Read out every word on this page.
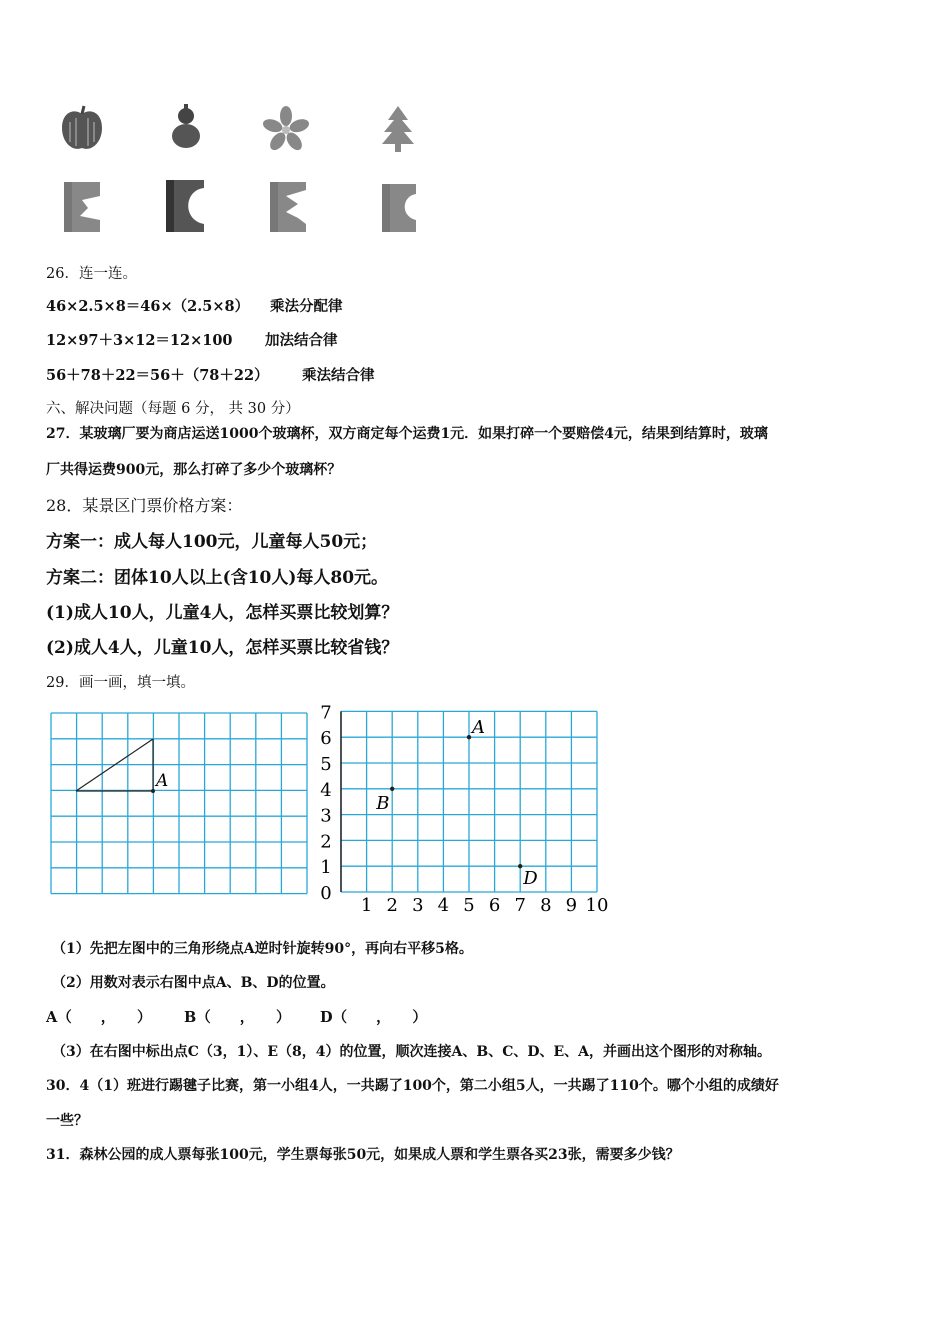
26．连一连。
46×2.5×8＝46×（2.5×8） 乘法分配律
12×97＋3×12＝12×100 加法结合律
56＋78＋22＝56＋（78＋22） 乘法结合律
六、解决问题（每题 6 分， 共 30 分）
27．某玻璃厂要为商店运送1000个玻璃杯，双方商定每个运费1元．如果打碎一个要赔偿4元，结果到结算时，玻璃
厂共得运费900元，那么打碎了多少个玻璃杯？
28．某景区门票价格方案：
方案一：成人每人100元，儿童每人50元；
方案二：团体10人以上(含10人)每人80元。
(1)成人10人，儿童4人，怎样买票比较划算？
(2)成人4人，儿童10人，怎样买票比较省钱？
29．画一画，填一填。
A
0
1
2
3
4
5
6
7
1 2 3 4 5 6 7 8 9 10
A
B
D
（1）先把左图中的三角形绕点A逆时针旋转90°，再向右平移5格。
（2）用数对表示右图中点A、B、D的位置。
A（　　，　　） B（　　，　　） D（　　，　　）
（3）在右图中标出点C（3，1）、E（8，4）的位置，顺次连接A、B、C、D、E、A，并画出这个图形的对称轴。
30．4（1）班进行踢毽子比赛，第一小组4人，一共踢了100个，第二小组5人，一共踢了110个。哪个小组的成绩好
一些？
31．森林公园的成人票每张100元，学生票每张50元，如果成人票和学生票各买23张，需要多少钱？
